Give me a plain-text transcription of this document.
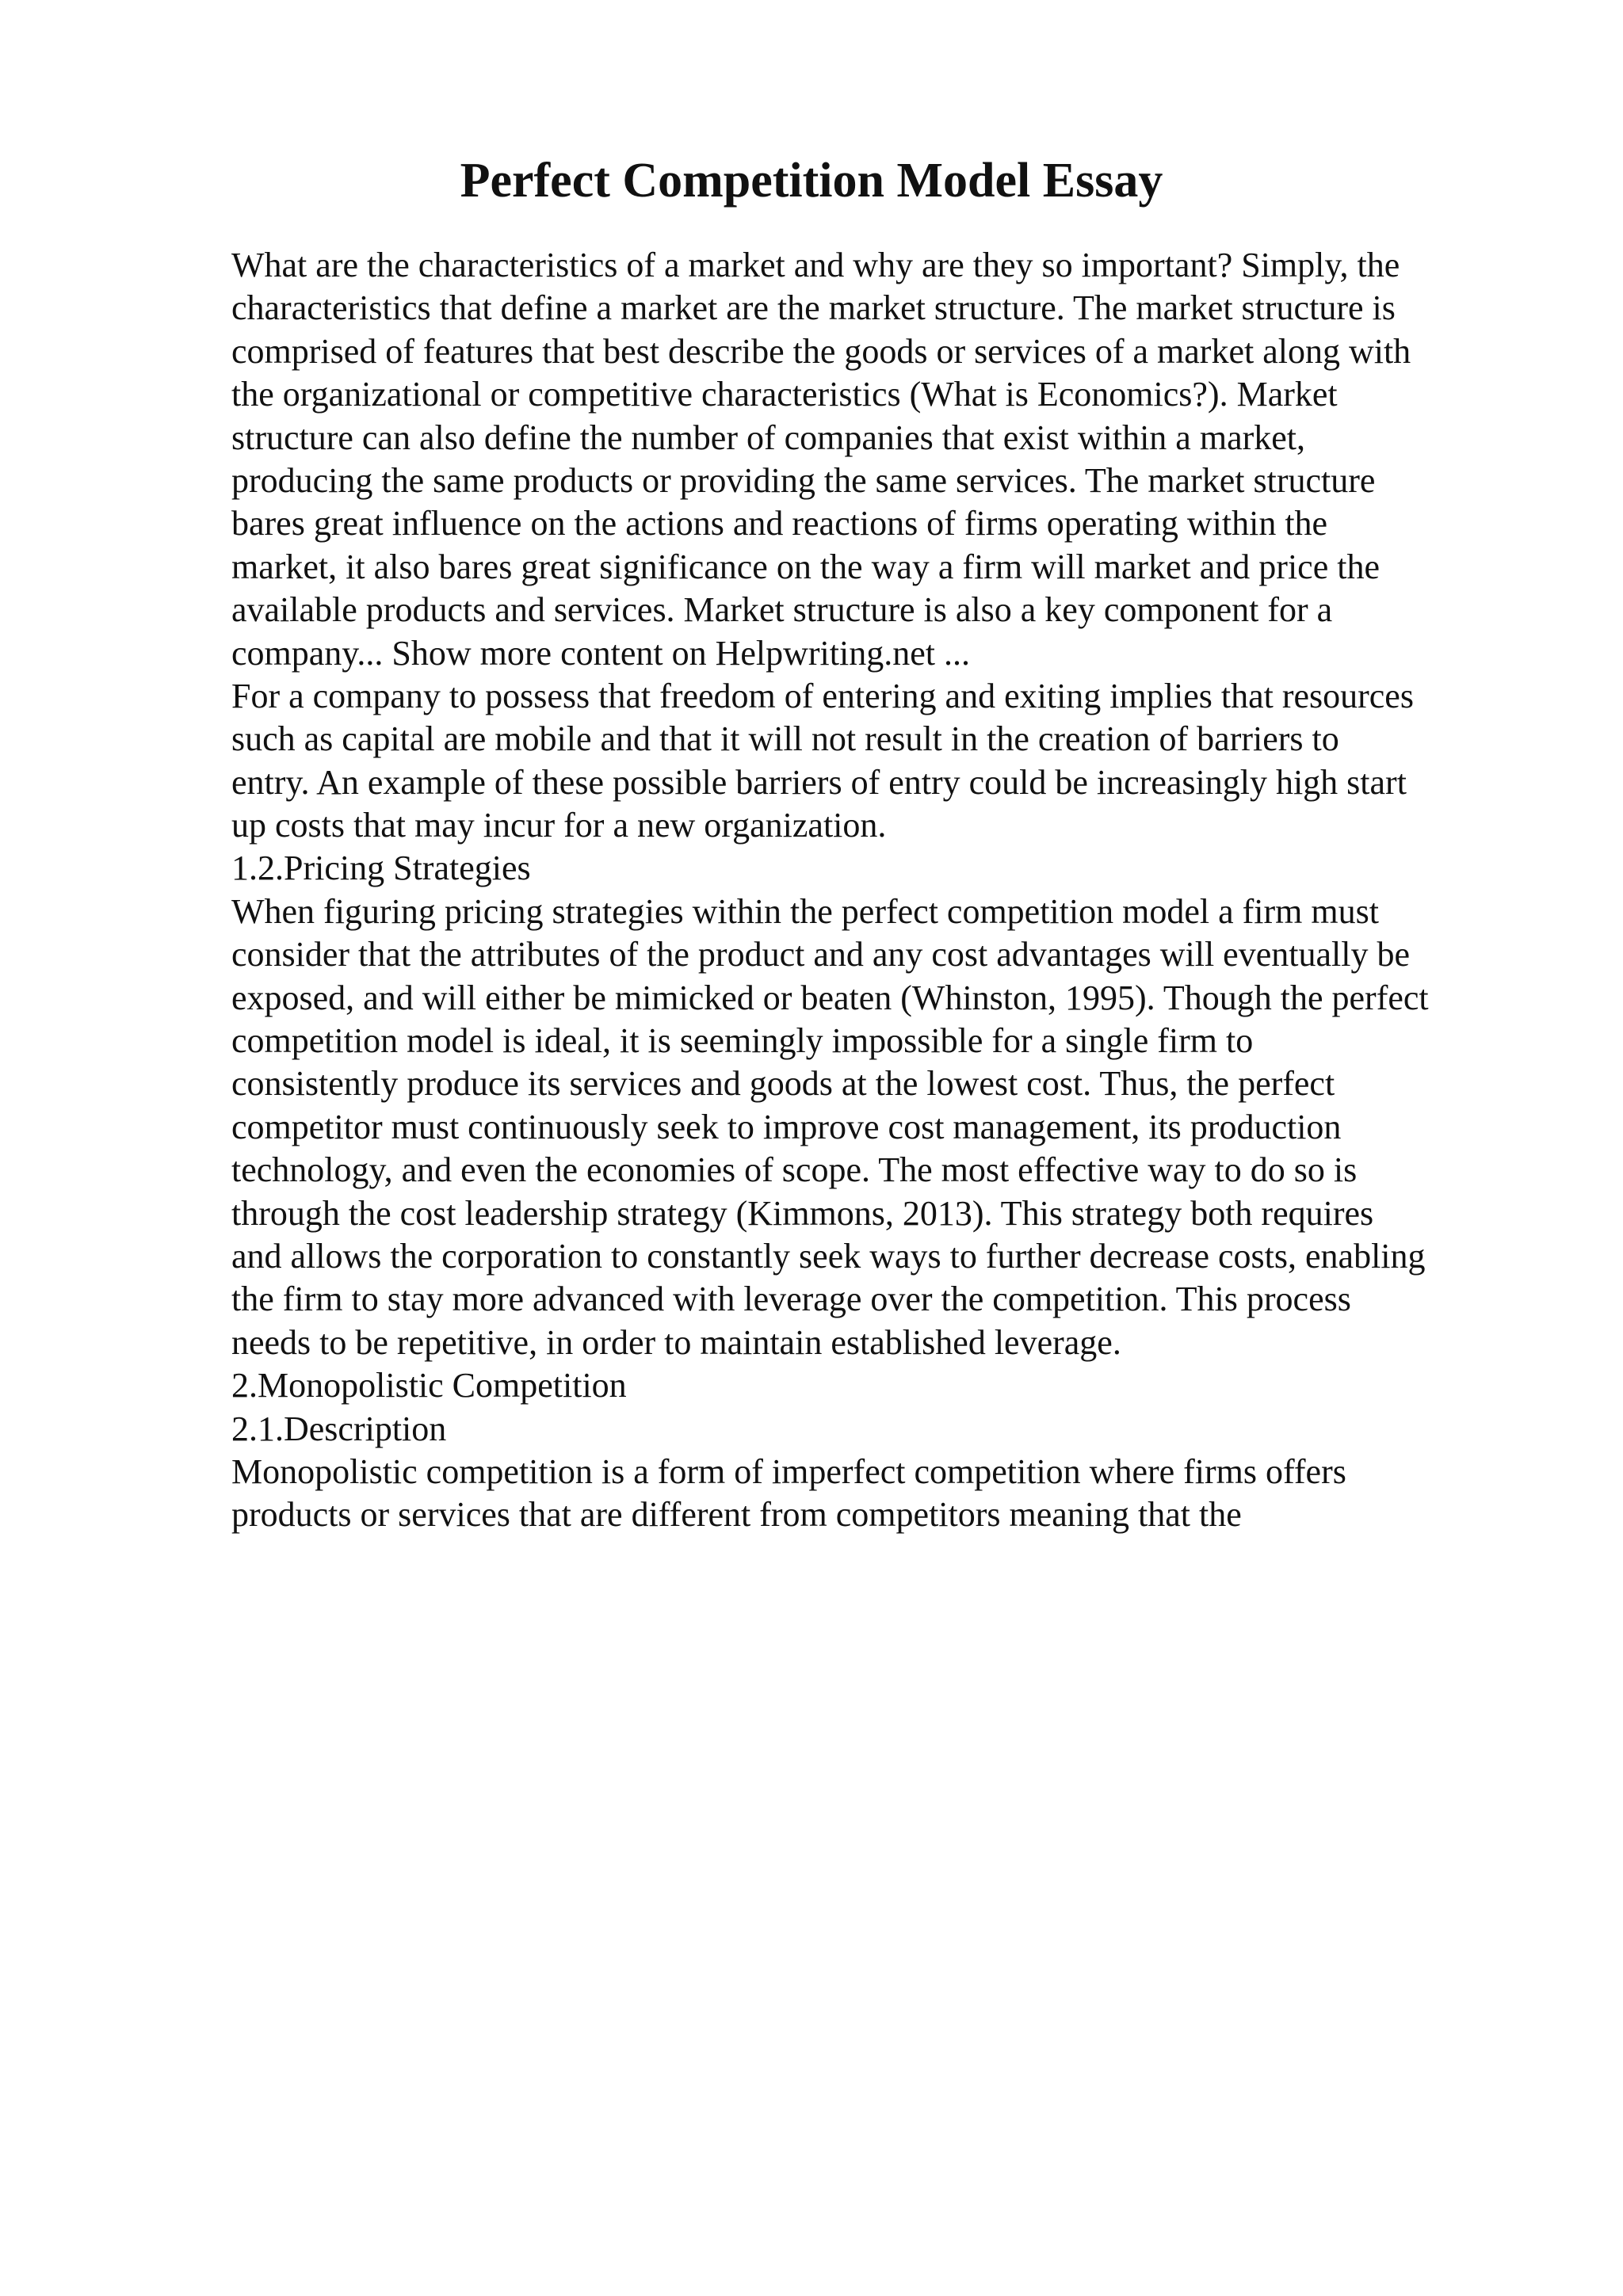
Perfect Competition Model Essay
What are the characteristics of a market and why are they so important? Simply, the
characteristics that define a market are the market structure. The market structure is
comprised of features that best describe the goods or services of a market along with
the organizational or competitive characteristics (What is Economics?). Market
structure can also define the number of companies that exist within a market,
producing the same products or providing the same services. The market structure
bares great influence on the actions and reactions of firms operating within the
market, it also bares great significance on the way a firm will market and price the
available products and services. Market structure is also a key component for a
company... Show more content on Helpwriting.net ...
For a company to possess that freedom of entering and exiting implies that resources
such as capital are mobile and that it will not result in the creation of barriers to
entry. An example of these possible barriers of entry could be increasingly high start
up costs that may incur for a new organization.
1.2.Pricing Strategies
When figuring pricing strategies within the perfect competition model a firm must
consider that the attributes of the product and any cost advantages will eventually be
exposed, and will either be mimicked or beaten (Whinston, 1995). Though the perfect
competition model is ideal, it is seemingly impossible for a single firm to
consistently produce its services and goods at the lowest cost. Thus, the perfect
competitor must continuously seek to improve cost management, its production
technology, and even the economies of scope. The most effective way to do so is
through the cost leadership strategy (Kimmons, 2013). This strategy both requires
and allows the corporation to constantly seek ways to further decrease costs, enabling
the firm to stay more advanced with leverage over the competition. This process
needs to be repetitive, in order to maintain established leverage.
2.Monopolistic Competition
2.1.Description
Monopolistic competition is a form of imperfect competition where firms offers
products or services that are different from competitors meaning that the
